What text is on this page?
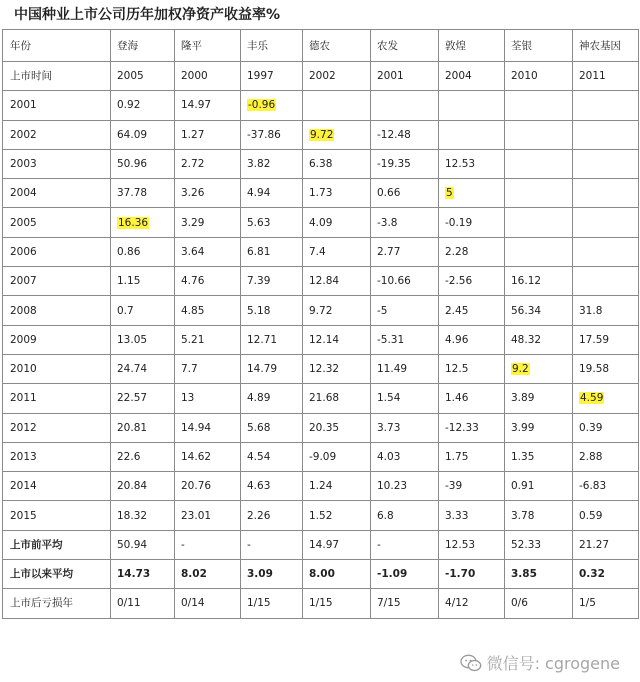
中国种业上市公司历年加权净资产收益率%
年份	登海	隆平	丰乐	德农	农发	敦煌	荃银	神农基因
上市时间	2005	2000	1997	2002	2001	2004	2010	2011
2001	0.92	14.97	-0.96					
2002	64.09	1.27	-37.86	9.72	-12.48			
2003	50.96	2.72	3.82	6.38	-19.35	12.53		
2004	37.78	3.26	4.94	1.73	0.66	5		
2005	16.36	3.29	5.63	4.09	-3.8	-0.19		
2006	0.86	3.64	6.81	7.4	2.77	2.28		
2007	1.15	4.76	7.39	12.84	-10.66	-2.56	16.12	
2008	0.7	4.85	5.18	9.72	-5	2.45	56.34	31.8
2009	13.05	5.21	12.71	12.14	-5.31	4.96	48.32	17.59
2010	24.74	7.7	14.79	12.32	11.49	12.5	9.2	19.58
2011	22.57	13	4.89	21.68	1.54	1.46	3.89	4.59
2012	20.81	14.94	5.68	20.35	3.73	-12.33	3.99	0.39
2013	22.6	14.62	4.54	-9.09	4.03	1.75	1.35	2.88
2014	20.84	20.76	4.63	1.24	10.23	-39	0.91	-6.83
2015	18.32	23.01	2.26	1.52	6.8	3.33	3.78	0.59
上市前平均	50.94	-	-	14.97	-	12.53	52.33	21.27
上市以来平均	14.73	8.02	3.09	8.00	-1.09	-1.70	3.85	0.32
上市后亏损年	0/11	0/14	1/15	1/15	7/15	4/12	0/6	1/5
微信号: cgrogene
